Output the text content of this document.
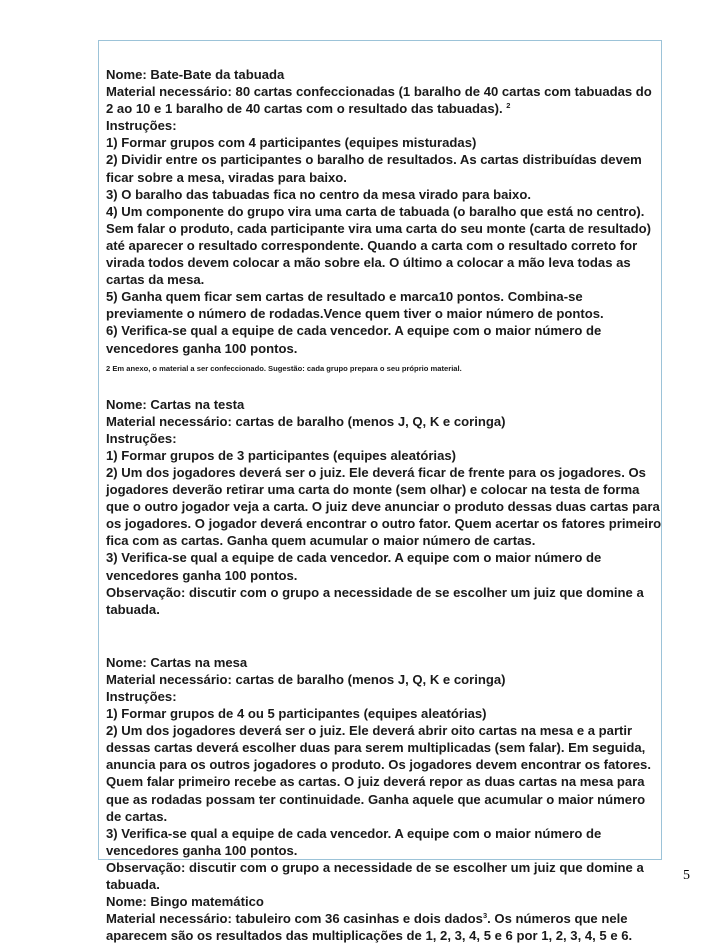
Nome: Bate-Bate da tabuada

Material necessário: 80 cartas confeccionadas (1 baralho de 40 cartas com tabuadas do 2 ao 10 e 1 baralho de 40 cartas com o resultado das tabuadas). $^2$

Instruções:

1) Formar grupos com 4 participantes (equipes misturadas)

2) Dividir entre os participantes o baralho de resultados. As cartas distribuídas devem ficar sobre a mesa, viradas para baixo.

3) O baralho das tabuadas fica no centro da mesa virado para baixo.

4) Um componente do grupo vira uma carta de tabuada (o baralho que está no centro). Sem falar o produto, cada participante vira uma carta do seu monte (carta de resultado) até aparecer o resultado correspondente. Quando a carta com o resultado correto for virada todos devem colocar a mão sobre ela. O último a colocar a mão leva todas as cartas da mesa.

5) Ganha quem ficar sem cartas de resultado e marca10 pontos. Combina-se previamente o número de rodadas.Vence quem tiver o maior número de pontos.

6) Verifica-se qual a equipe de cada vencedor. A equipe com o maior número de vencedores ganha 100 pontos.

2 Em anexo, o material a ser confeccionado. Sugestão: cada grupo prepara o seu próprio material.

Nome: Cartas na testa

Material necessário: cartas de baralho (menos J, Q, K e coringa)

Instruções:

1) Formar grupos de 3 participantes (equipes aleatórias)

2) Um dos jogadores deverá ser o juiz. Ele deverá ficar de frente para os jogadores. Os jogadores deverão retirar uma carta do monte (sem olhar) e colocar na testa de forma que o outro jogador veja a carta. O juiz deve anunciar o produto dessas duas cartas para os jogadores. O jogador deverá encontrar o outro fator. Quem acertar os fatores primeiro fica com as cartas. Ganha quem acumular o maior número de cartas.

3) Verifica-se qual a equipe de cada vencedor. A equipe com o maior número de vencedores ganha 100 pontos.

Observação: discutir com o grupo a necessidade de se escolher um juiz que domine a tabuada.

Nome: Cartas na mesa

Material necessário: cartas de baralho (menos J, Q, K e coringa)

Instruções:

1) Formar grupos de 4 ou 5 participantes (equipes aleatórias)

2) Um dos jogadores deverá ser o juiz. Ele deverá abrir oito cartas na mesa e a partir dessas cartas deverá escolher duas para serem multiplicadas (sem falar). Em seguida, anuncia para os outros jogadores o produto. Os jogadores devem encontrar os fatores. Quem falar primeiro recebe as cartas. O juiz deverá repor as duas cartas na mesa para que as rodadas possam ter continuidade. Ganha aquele que acumular o maior número de cartas.

3) Verifica-se qual a equipe de cada vencedor. A equipe com o maior número de vencedores ganha 100 pontos.

Observação: discutir com o grupo a necessidade de se escolher um juiz que domine a tabuada.

Nome: Bingo matemático

Material necessário: tabuleiro com 36 casinhas e dois dados$^3$. Os números que nele aparecem são os resultados das multiplicações de 1, 2, 3, 4, 5 e 6 por 1, 2, 3, 4, 5 e 6.

5
